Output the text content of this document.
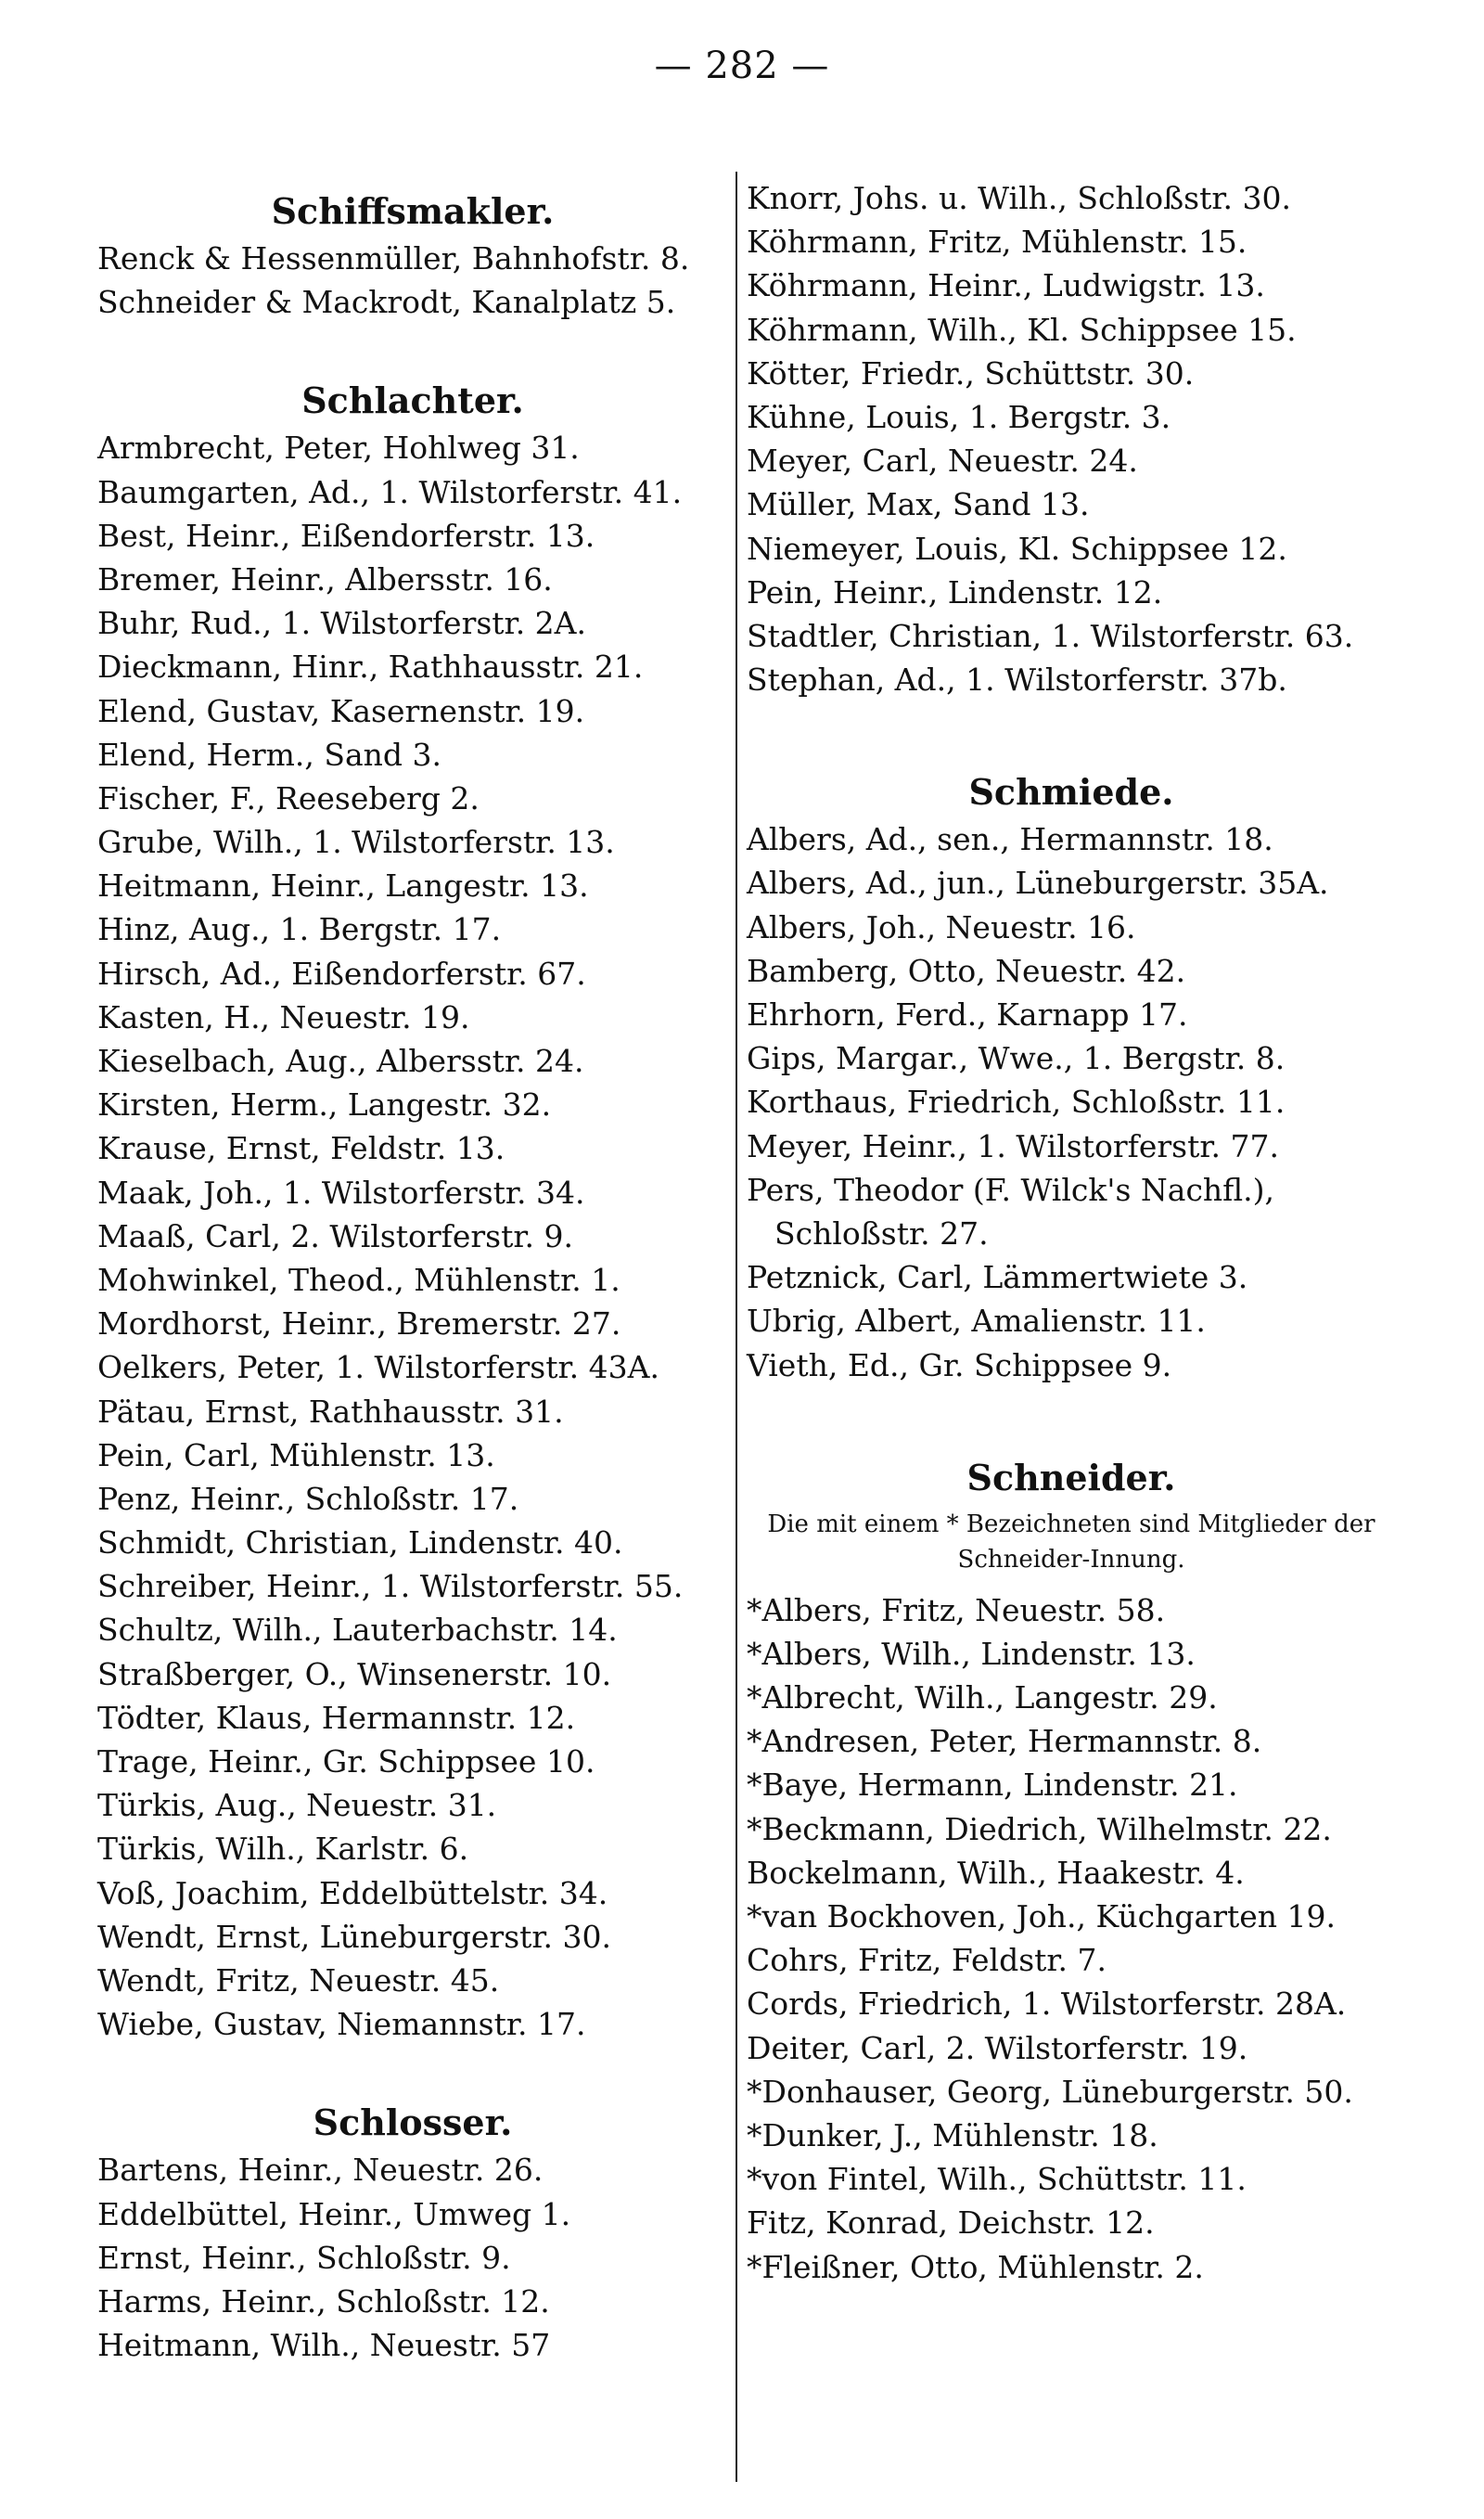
— 282 —
Schiffsmakler.
Renck & Hessenmüller, Bahnhofstr. 8.
Schneider & Mackrodt, Kanalplatz 5.
Schlachter.
Armbrecht, Peter, Hohlweg 31.
Baumgarten, Ad., 1. Wilstorferstr. 41.
Best, Heinr., Eißendorferstr. 13.
Bremer, Heinr., Albersstr. 16.
Buhr, Rud., 1. Wilstorferstr. 2A.
Dieckmann, Hinr., Rathhausstr. 21.
Elend, Gustav, Kasernenstr. 19.
Elend, Herm., Sand 3.
Fischer, F., Reeseberg 2.
Grube, Wilh., 1. Wilstorferstr. 13.
Heitmann, Heinr., Langestr. 13.
Hinz, Aug., 1. Bergstr. 17.
Hirsch, Ad., Eißendorferstr. 67.
Kasten, H., Neuestr. 19.
Kieselbach, Aug., Albersstr. 24.
Kirsten, Herm., Langestr. 32.
Krause, Ernst, Feldstr. 13.
Maak, Joh., 1. Wilstorferstr. 34.
Maaß, Carl, 2. Wilstorferstr. 9.
Mohwinkel, Theod., Mühlenstr. 1.
Mordhorst, Heinr., Bremerstr. 27.
Oelkers, Peter, 1. Wilstorferstr. 43A.
Pätau, Ernst, Rathhausstr. 31.
Pein, Carl, Mühlenstr. 13.
Penz, Heinr., Schloßstr. 17.
Schmidt, Christian, Lindenstr. 40.
Schreiber, Heinr., 1. Wilstorferstr. 55.
Schultz, Wilh., Lauterbachstr. 14.
Straßberger, O., Winsenerstr. 10.
Tödter, Klaus, Hermannstr. 12.
Trage, Heinr., Gr. Schippsee 10.
Türkis, Aug., Neuestr. 31.
Türkis, Wilh., Karlstr. 6.
Voß, Joachim, Eddelbüttelstr. 34.
Wendt, Ernst, Lüneburgerstr. 30.
Wendt, Fritz, Neuestr. 45.
Wiebe, Gustav, Niemannstr. 17.
Schlosser.
Bartens, Heinr., Neuestr. 26.
Eddelbüttel, Heinr., Umweg 1.
Ernst, Heinr., Schloßstr. 9.
Harms, Heinr., Schloßstr. 12.
Heitmann, Wilh., Neuestr. 57
Knorr, Johs. u. Wilh., Schloßstr. 30.
Köhrmann, Fritz, Mühlenstr. 15.
Köhrmann, Heinr., Ludwigstr. 13.
Köhrmann, Wilh., Kl. Schippsee 15.
Kötter, Friedr., Schüttstr. 30.
Kühne, Louis, 1. Bergstr. 3.
Meyer, Carl, Neuestr. 24.
Müller, Max, Sand 13.
Niemeyer, Louis, Kl. Schippsee 12.
Pein, Heinr., Lindenstr. 12.
Stadtler, Christian, 1. Wilstorferstr. 63.
Stephan, Ad., 1. Wilstorferstr. 37b.
Schmiede.
Albers, Ad., sen., Hermannstr. 18.
Albers, Ad., jun., Lüneburgerstr. 35A.
Albers, Joh., Neuestr. 16.
Bamberg, Otto, Neuestr. 42.
Ehrhorn, Ferd., Karnapp 17.
Gips, Margar., Wwe., 1. Bergstr. 8.
Korthaus, Friedrich, Schloßstr. 11.
Meyer, Heinr., 1. Wilstorferstr. 77.
Pers, Theodor (F. Wilck's Nachfl.),
Schloßstr. 27.
Petznick, Carl, Lämmertwiete 3.
Ubrig, Albert, Amalienstr. 11.
Vieth, Ed., Gr. Schippsee 9.
Schneider.
Die mit einem * Bezeichneten sind Mitglieder der Schneider-Innung.
*Albers, Fritz, Neuestr. 58.
*Albers, Wilh., Lindenstr. 13.
*Albrecht, Wilh., Langestr. 29.
*Andresen, Peter, Hermannstr. 8.
*Baye, Hermann, Lindenstr. 21.
*Beckmann, Diedrich, Wilhelmstr. 22.
Bockelmann, Wilh., Haakestr. 4.
*van Bockhoven, Joh., Küchgarten 19.
Cohrs, Fritz, Feldstr. 7.
Cords, Friedrich, 1. Wilstorferstr. 28A.
Deiter, Carl, 2. Wilstorferstr. 19.
*Donhauser, Georg, Lüneburgerstr. 50.
*Dunker, J., Mühlenstr. 18.
*von Fintel, Wilh., Schüttstr. 11.
Fitz, Konrad, Deichstr. 12.
*Fleißner, Otto, Mühlenstr. 2.
